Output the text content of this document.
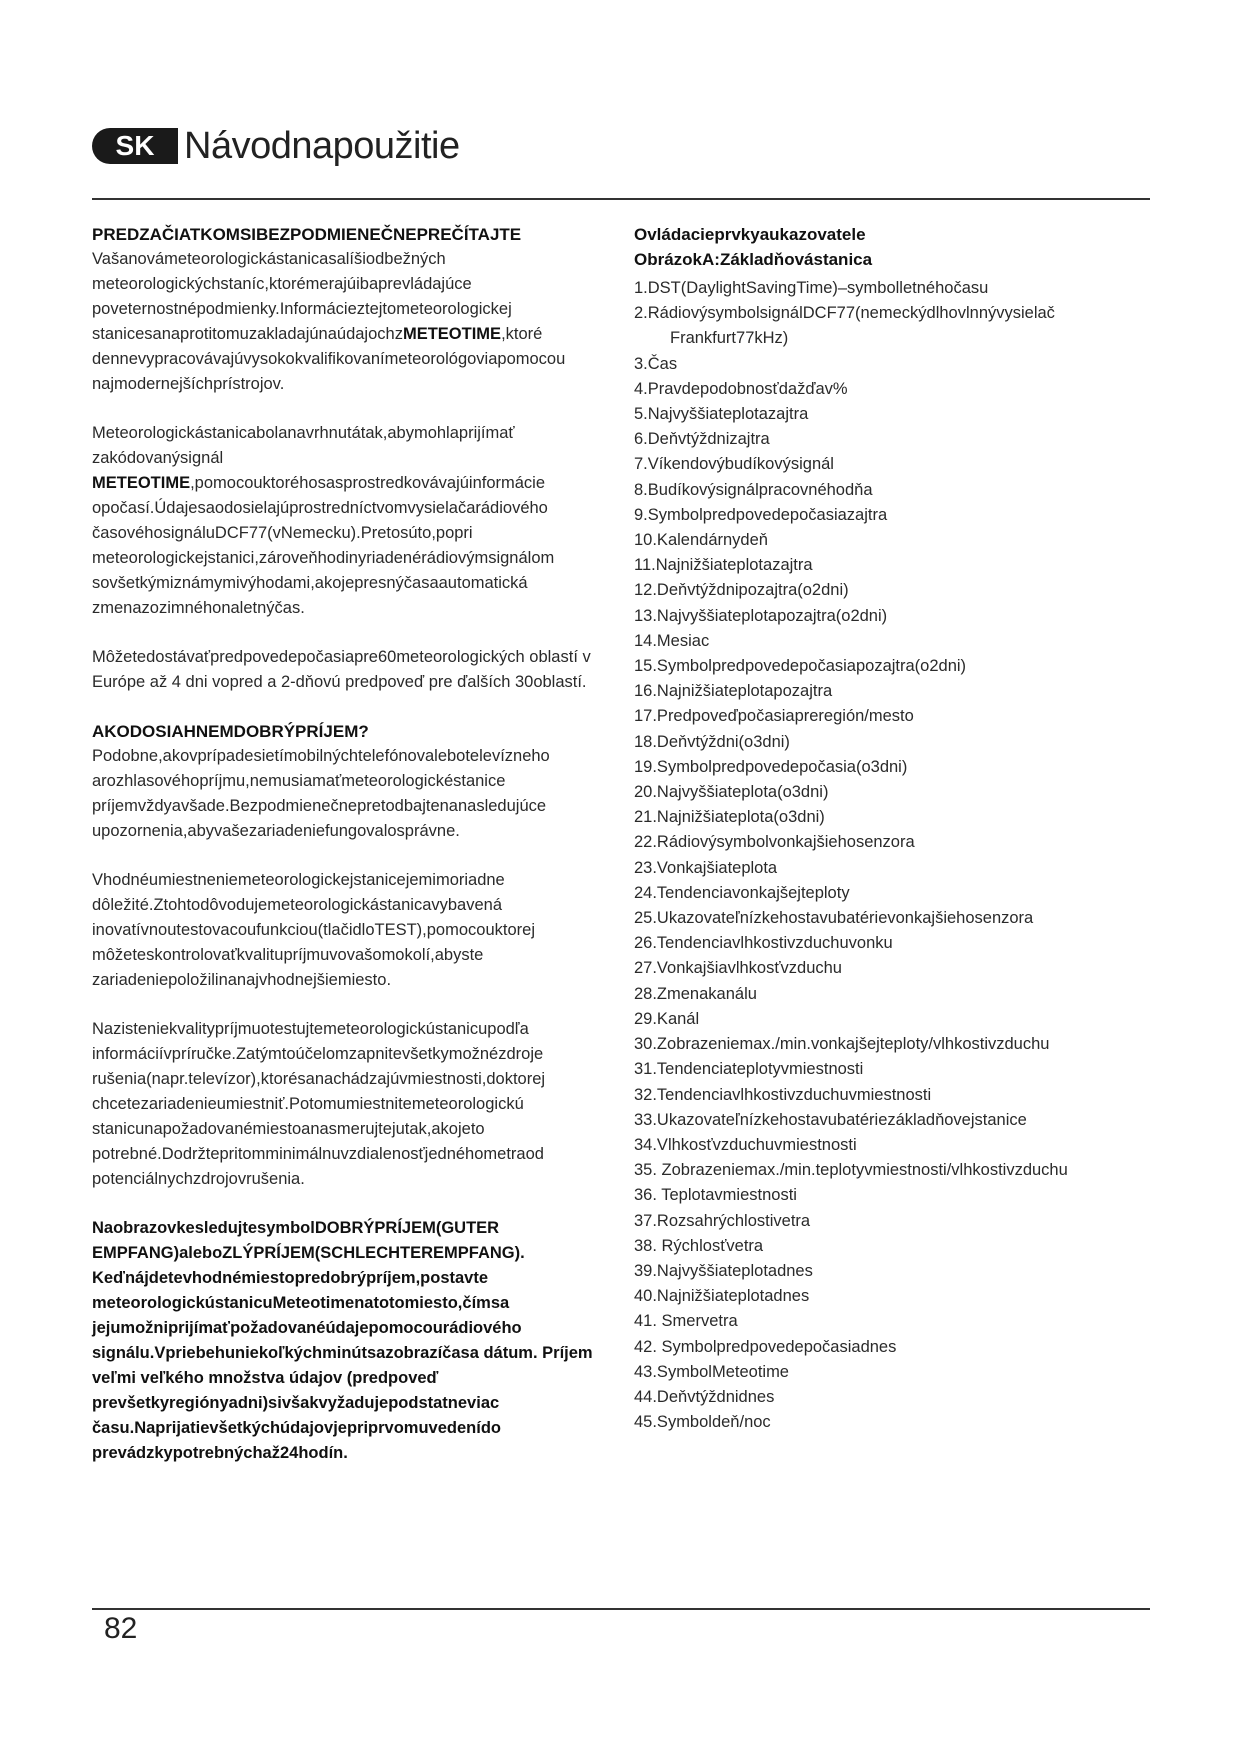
SK Návodnapoužitie

PREDZAČIATKOMSIBEZPODMIENEČNEPREČÍTAJTE

Vašanovámeteorologickástanicasalíšiodbežných meteorologickýchstaníc,ktorémerajúibaprevládajúce poveternostnépodmienky.Informácieztejtometeorologickej stanicesanaprotitomuzakladajúnaúdajochzMETEOTIME,ktoré dennevypracovávajúvysokokvalifikovanímeteorológoviapomocou najmodernejšíchprístrojov.

Meteorologickástanicabolanavrhnutátak,abymohlaprijímať zakódovanýsignál METEOTIME,pomocouktoréhosasprostredkovávajúinformácie opočasí.Údajesaodosielajúprostredníctvomvysielačarádiového časovéhosignáluDCF77(vNemecku).Pretosúto,popri meteorologickejstanici,zároveňhodinyriadenérádiovýmsignálom sovšetkýmiznámymivýhodami,akojepresnýčasaautomatická zmenazozimnéhonaletnýčas.

Môžetedostávaťpredpovedepočasiapre60meteorologických oblastí v Európe až 4 dni vopred a 2-dňovú predpoveď pre ďalších 30oblastí.

AKODOSIAHNEMDOBRÝPRÍJEM?

Podobne,akovprípadesietímobilnýchtelefónovalebotelevízneho arozhlasovéhopríjmu,nemusiamaťmeteorologickéstanice príjemvždyavšade.Bezpodmienečnepretodbajtenanasledujúce upozornenia,abyvašezariadeniefungovalosprávne.

Vhodnéumiestneniemeteorologickejstanicejemimoriadne dôležité.Ztohtodôvodujemeteorologickástanicavybavená inovatívnoutestovacoufunkciou(tlačidloTEST),pomocouktorej môžeteskontrolovaťkvalitupríjmuvovašomokolí,abyste zariadeniepoložilinanajvhodnejšiemiesto.

Nazisteniekvalitypríjmuotestujtemeteorologickústanicupodľa informáciívpríručke.Zatýmtoúčelomzapnitevšetkymožnézdroje rušenia(napr.televízor),ktorésanachádzajúvmiestnosti,doktorej chcetezariadenieumiestniť.Potomumiestnitemeteorologickú stanicunapožadovanémiestoanasmerujtejutak,akojeto potrebné.Dodržtepritomminimálnuvzdialenosťjednéhometraod potenciálnychzdrojovrušenia.

NaobrazovkesledujtesymbolDOBRÝPRÍJEM(GUTER EMPFANG)aleboZLÝPRÍJEM(SCHLECHTEREMPFANG). Keďnájdetevhodnémiestopredobrýpríjem,postavte meteorologickústanicuMeteotimenatotomiesto,čímsa jejumožniprijímaťpožadovanéúdajepomocourádiového signálu.Vpriebehuniekoľkýchminútsazobrazíčasa dátum. Príjem veľmi veľkého množstva údajov (predpoveď prevšetkyregiónyadni)sivšakvyžadujepodstatneviac času.Naprijatievšetkýchúdajovjepriprvomuvedenído prevádzkypotrebnýchaž24hodín.

Ovládacieprvkyaukazovatele

ObrázokA:Základňovástanica

1.DST(DaylightSavingTime)–symbolletnéhočasu
2.RádiovýsymbolsignálDCF77(nemeckýdlhovlnnývysielač
Frankfurt77kHz)
3.Čas
4.Pravdepodobnosťdažďav%
5.Najvyššiateplotazajtra
6.Deňvtýždnizajtra
7.Víkendovýbudíkovýsignál
8.Budíkovýsignálpracovnéhodňa
9.Symbolpredpovedepočasiazajtra
10.Kalendárnydeň
11.Najnižšiateplotazajtra
12.Deňvtýždnipozajtra(o2dni)
13.Najvyššiateplotapozajtra(o2dni)
14.Mesiac
15.Symbolpredpovedepočasiapozajtra(o2dni)
16.Najnižšiateplotapozajtra
17.Predpoveďpočasiapreregión/mesto
18.Deňvtýždni(o3dni)
19.Symbolpredpovedepočasia(o3dni)
20.Najvyššiateplota(o3dni)
21.Najnižšiateplota(o3dni)
22.Rádiovýsymbolvonkajšiehosenzora
23.Vonkajšiateplota
24.Tendenciavonkajšejteploty
25.Ukazovateľnízkehostavubatérievonkajšiehosenzora
26.Tendenciavlhkostivzduchuvonku
27.Vonkajšiavlhkosťvzduchu
28.Zmenakanálu
29.Kanál
30.Zobrazeniemax./min.vonkajšejteploty/vlhkostivzduchu
31.Tendenciateplotyvmiestnosti
32.Tendenciavlhkostivzduchuvmiestnosti
33.Ukazovateľnízkehostavubatériezákladňovejstanice
34.Vlhkosťvzduchuvmiestnosti
35. Zobrazeniemax./min.teplotyvmiestnosti/vlhkostivzduchu
36. Teplotavmiestnosti
37.Rozsahrýchlostivetra
38. Rýchlosťvetra
39.Najvyššiateplotadnes
40.Najnižšiateplotadnes
41. Smervetra
42. Symbolpredpovedepočasiadnes
43.SymbolMeteotime
44.Deňvtýždnidnes
45.Symboldeň/noc
82
